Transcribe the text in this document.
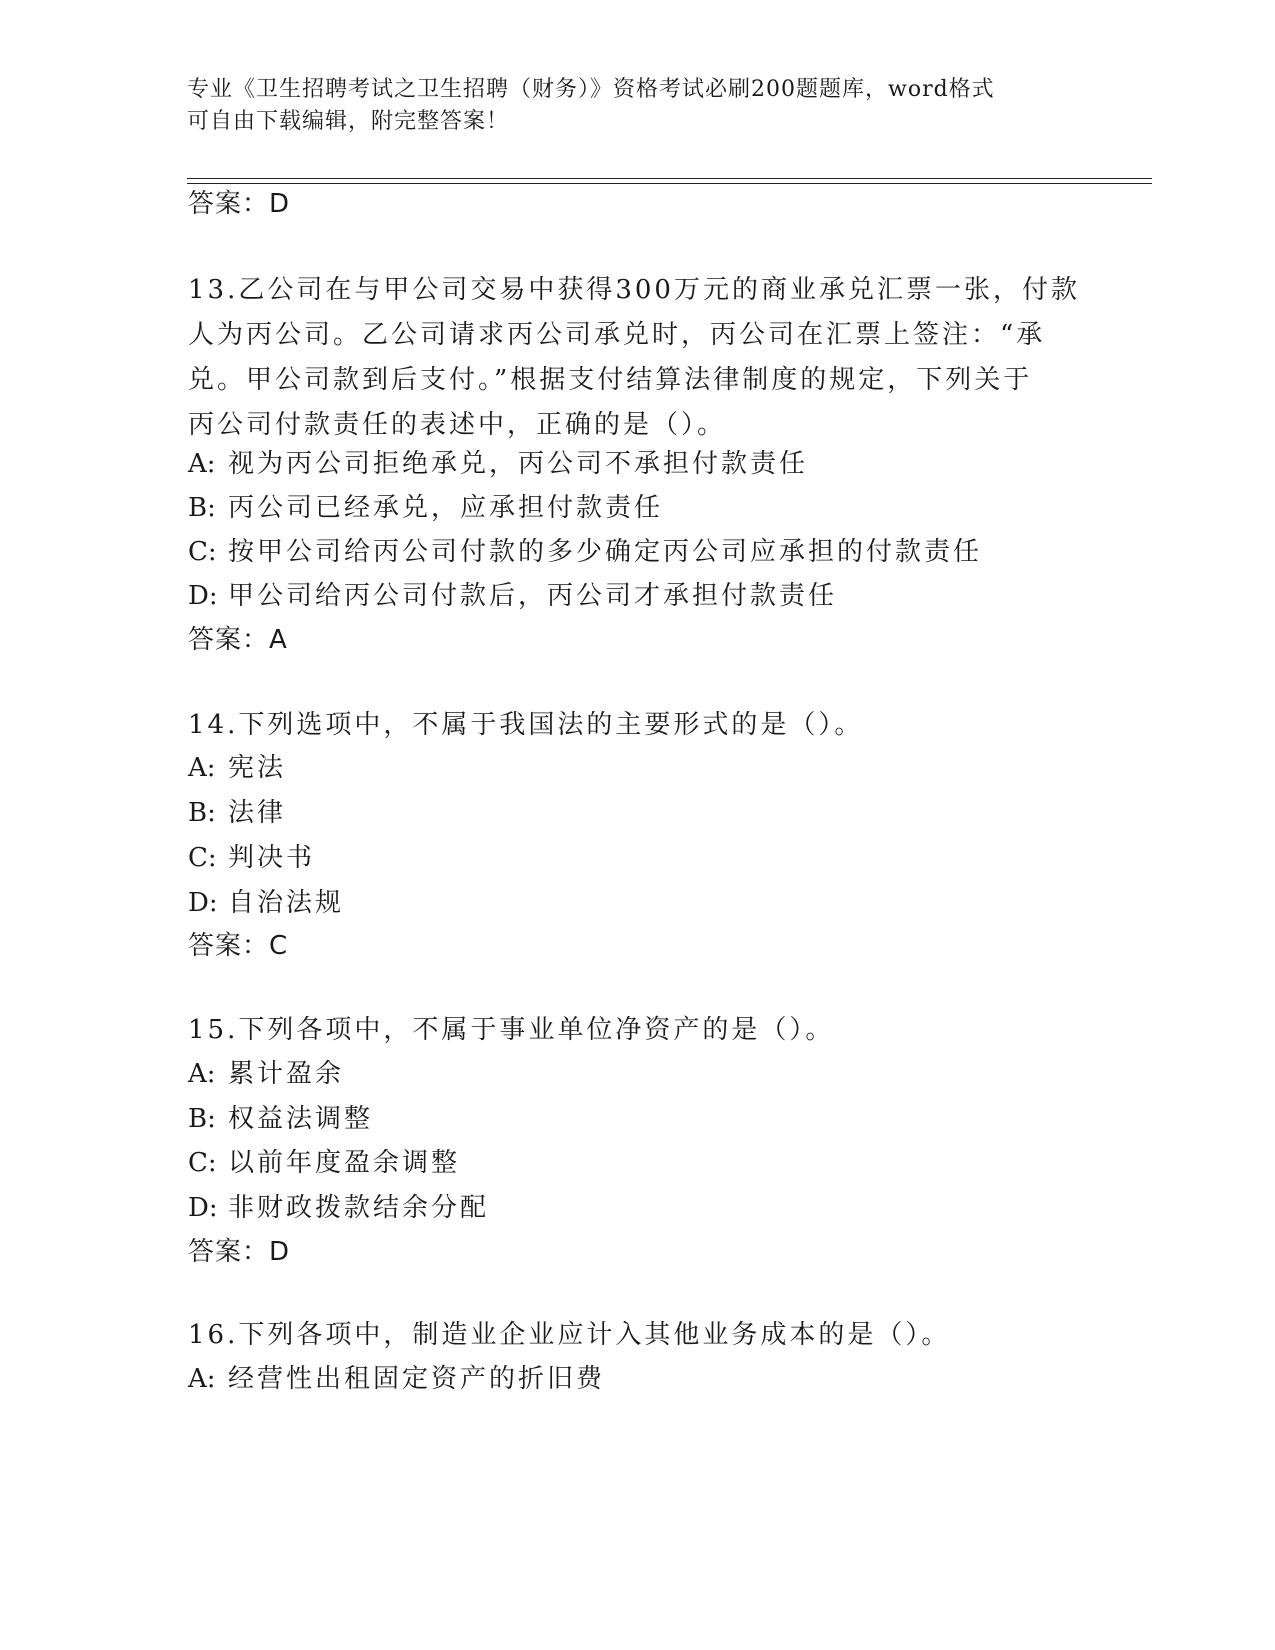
专业《卫生招聘考试之卫生招聘（财务）》资格考试必刷200题题库，word格式
可自由下载编辑，附完整答案！
答案：D
13.乙公司在与甲公司交易中获得300万元的商业承兑汇票一张，付款
人为丙公司。乙公司请求丙公司承兑时，丙公司在汇票上签注：“承
兑。甲公司款到后支付。”根据支付结算法律制度的规定，下列关于
丙公司付款责任的表述中，正确的是（）。
A: 视为丙公司拒绝承兑，丙公司不承担付款责任
B: 丙公司已经承兑，应承担付款责任
C: 按甲公司给丙公司付款的多少确定丙公司应承担的付款责任
D: 甲公司给丙公司付款后，丙公司才承担付款责任
答案：A
14.下列选项中，不属于我国法的主要形式的是（）。
A: 宪法
B: 法律
C: 判决书
D: 自治法规
答案：C
15.下列各项中，不属于事业单位净资产的是（）。
A: 累计盈余
B: 权益法调整
C: 以前年度盈余调整
D: 非财政拨款结余分配
答案：D
16.下列各项中，制造业企业应计入其他业务成本的是（）。
A: 经营性出租固定资产的折旧费
